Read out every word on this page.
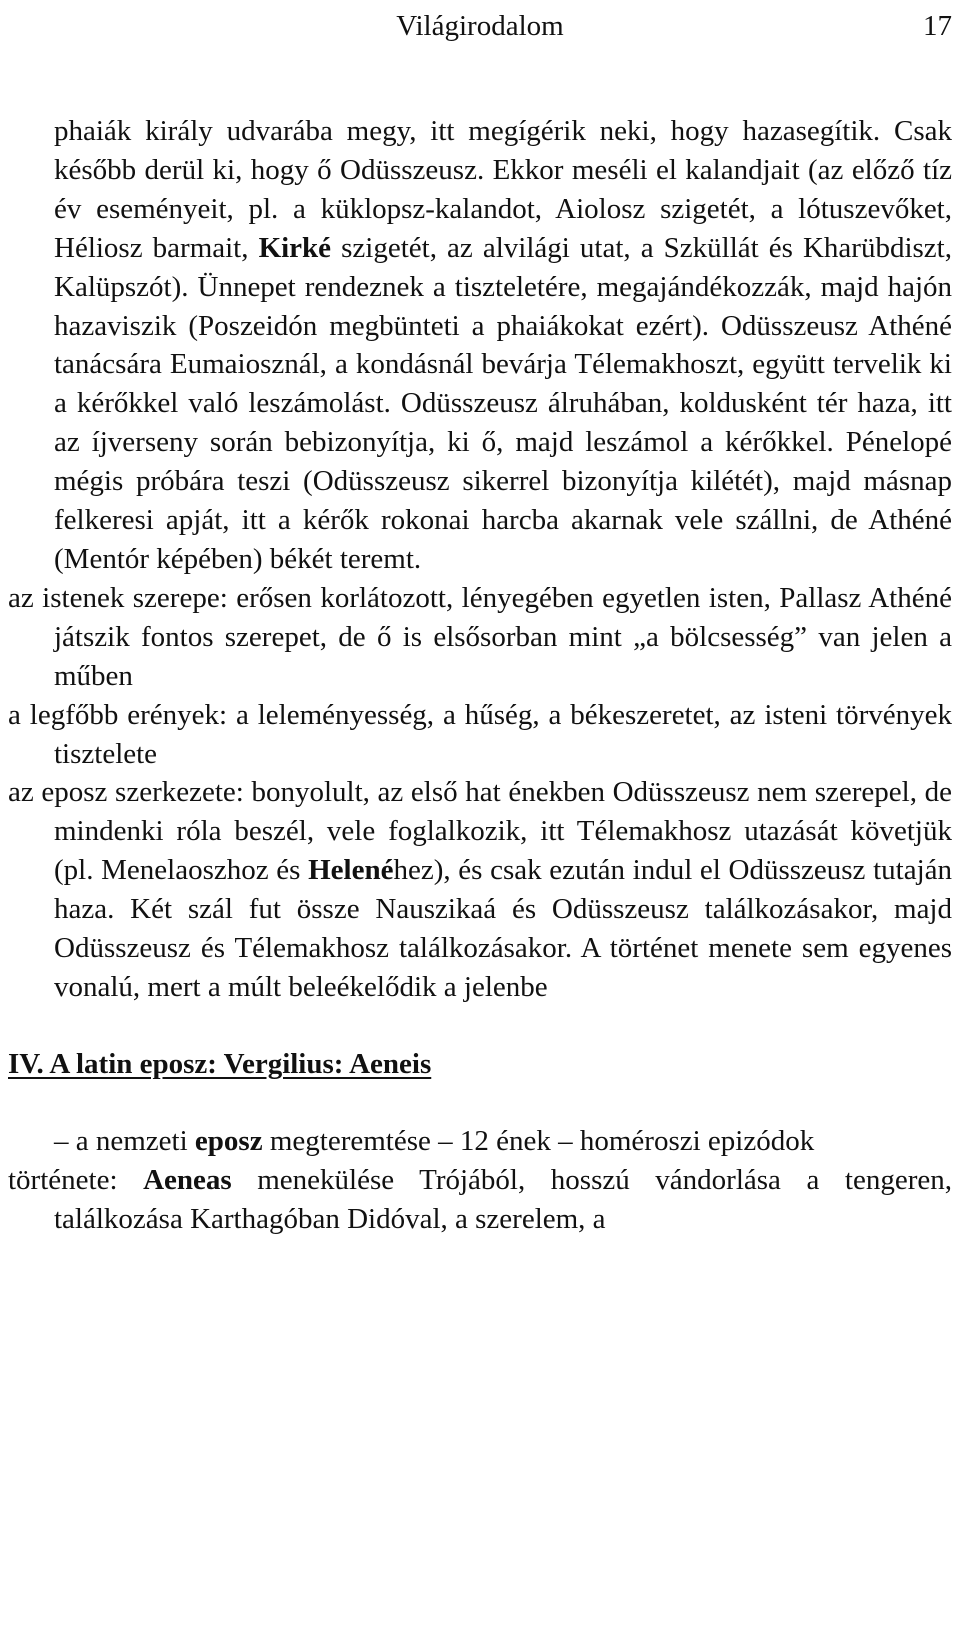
Világirodalom	17

phaiák király udvarába megy, itt megígérik neki, hogy hazasegítik. Csak később derül ki, hogy ő Odüsszeusz. Ekkor meséli el kalandjait (az előző tíz év eseményeit, pl. a küklopsz-kalandot, Aiolosz szigetét, a lótuszevőket, Héliosz barmait, Kirké szigetét, az alvilági utat, a Szküllát és Kharübdiszt, Kalüpszót). Ünnepet rendeznek a tiszteletére, megajándékozzák, majd hajón hazaviszik (Poszeidón megbünteti a phaiákokat ezért). Odüsszeusz Athéné tanácsára Eumaiosznál, a kondásnál bevárja Télemakhoszt, együtt tervelik ki a kérőkkel való leszámolást. Odüsszeusz álruhában, koldusként tér haza, itt az íjverseny során bebizonyítja, ki ő, majd leszámol a kérőkkel. Pénelopé mégis próbára teszi (Odüsszeusz sikerrel bizonyítja kilétét), majd másnap felkeresi apját, itt a kérők rokonai harcba akarnak vele szállni, de Athéné (Mentór képében) békét teremt.

az istenek szerepe: erősen korlátozott, lényegében egyetlen isten, Pallasz Athéné játszik fontos szerepet, de ő is elsősorban mint „a bölcsesség” van jelen a műben

a legfőbb erények: a leleményesség, a hűség, a békeszeretet, az isteni törvények tisztelete

az eposz szerkezete: bonyolult, az első hat énekben Odüsszeusz nem szerepel, de mindenki róla beszél, vele foglalkozik, itt Télemakhosz utazását követjük (pl. Menelaoszhoz és Helenéhez), és csak ezután indul el Odüsszeusz tutaján haza. Két szál fut össze Nauszikaá és Odüsszeusz találkozásakor, majd Odüsszeusz és Télemakhosz találkozásakor. A történet menete sem egyenes vonalú, mert a múlt beleékelődik a jelenbe

IV. A latin eposz: Vergilius: Aeneis

– a nemzeti eposz megteremtése – 12 ének – homéroszi epizódok

története: Aeneas menekülése Trójából, hosszú vándorlása a tengeren, találkozása Karthagóban Didóval, a szerelem, a
